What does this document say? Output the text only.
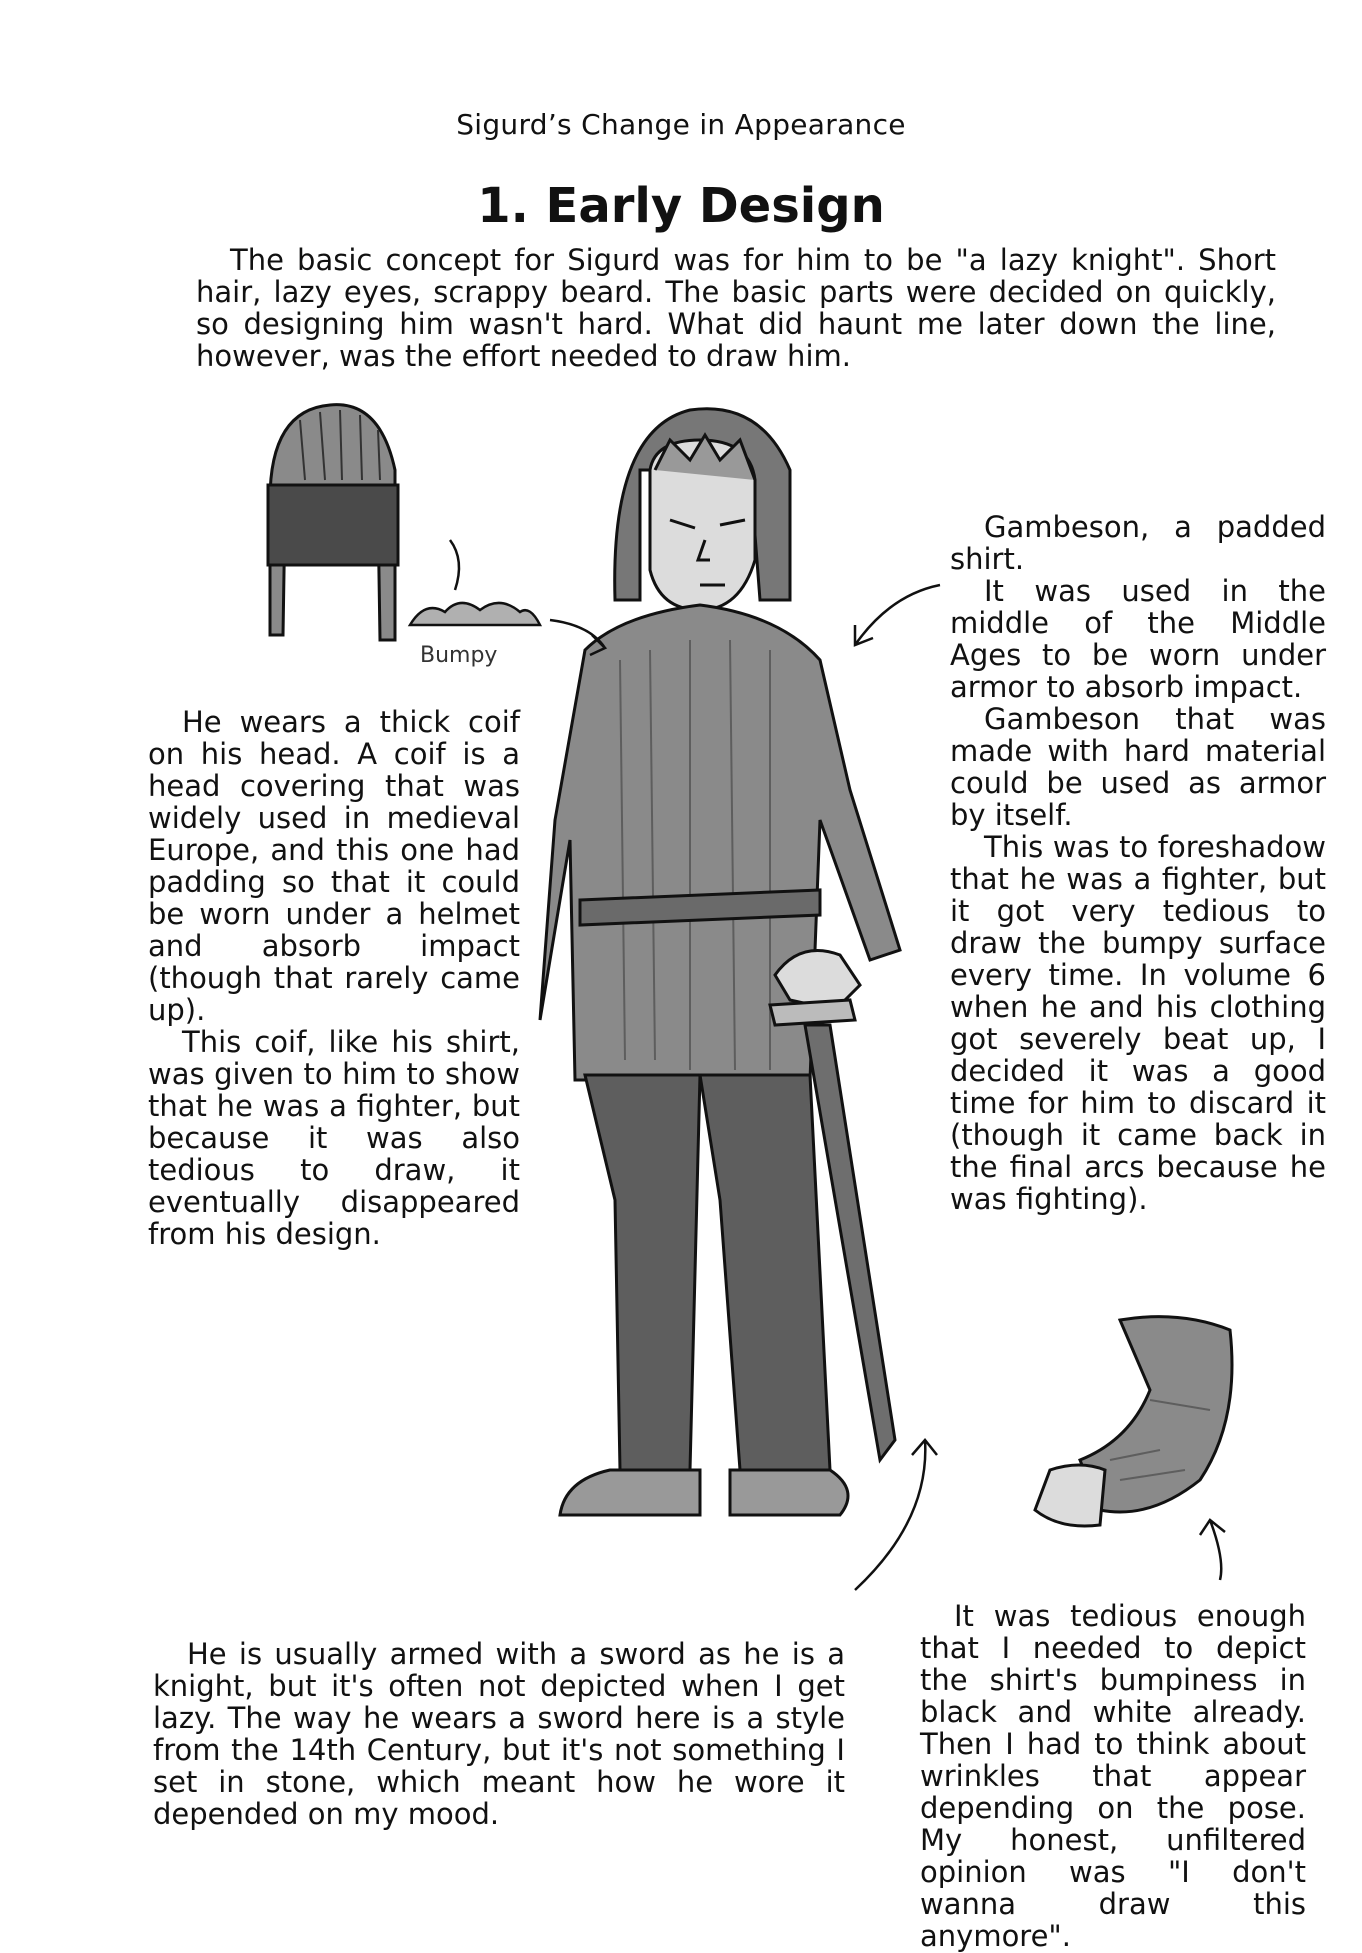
Sigurd’s Change in Appearance
1. Early Design

The basic concept for Sigurd was for him to be "a lazy knight". Short hair, lazy eyes, scrappy beard. The basic parts were decided on quickly, so designing him wasn't hard. What did haunt me later down the line, however, was the effort needed to draw him.

He wears a thick coif on his head. A coif is a head covering that was widely used in medieval Europe, and this one had padding so that it could be worn under a helmet and absorb impact (though that rarely came up).

This coif, like his shirt, was given to him to show that he was a fighter, but because it was also tedious to draw, it eventually disappeared from his design.

Gambeson, a padded shirt.

It was used in the middle of the Middle Ages to be worn under armor to absorb impact.

Gambeson that was made with hard material could be used as armor by itself.

This was to foreshadow that he was a fighter, but it got very tedious to draw the bumpy surface every time. In volume 6 when he and his clothing got severely beat up, I decided it was a good time for him to discard it (though it came back in the final arcs because he was fighting).

He is usually armed with a sword as he is a knight, but it's often not depicted when I get lazy. The way he wears a sword here is a style from the 14th Century, but it's not something I set in stone, which meant how he wore it depended on my mood.

It was tedious enough that I needed to depict the shirt's bumpiness in black and white already. Then I had to think about wrinkles that appear depending on the pose. My honest, unfiltered opinion was "I don't wanna draw this anymore".

Bumpy
